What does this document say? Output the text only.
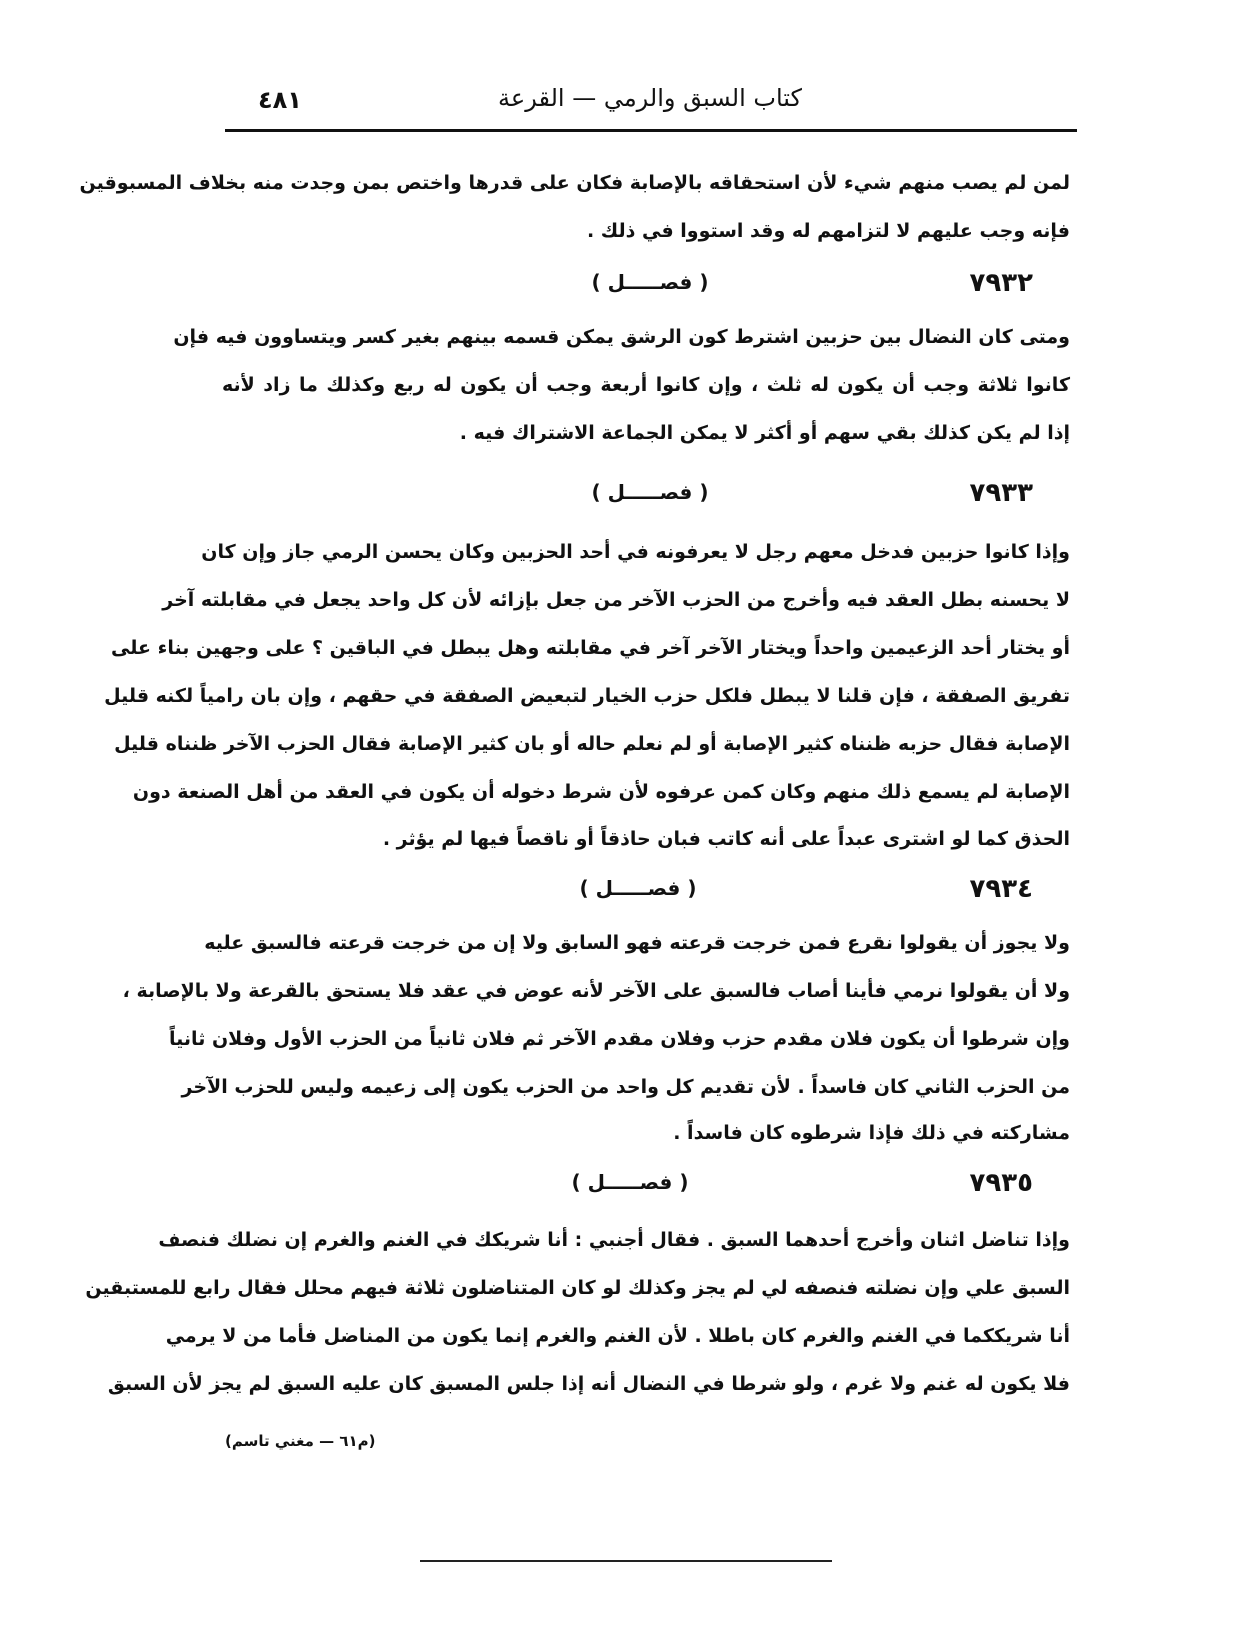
٤٨١	كتاب السبق والرمي — القرعة
لمن لم يصب منهم شيء لأن استحقاقه بالإصابة فكان على قدرها واختص بمن وجدت منه بخلاف المسبوقين
فإنه وجب عليهم لا لتزامهم له وقد استووا في ذلك .
٧٩٣٢
( فصـــــل )
ومتى كان النضال بين حزبين اشترط كون الرشق يمكن قسمه بينهم بغير كسر ويتساوون فيه فإن
كانوا ثلاثة وجب أن يكون له ثلث ، وإن كانوا أربعة وجب أن يكون له ربع وكذلك ما زاد لأنه
إذا لم يكن كذلك بقي سهم أو أكثر لا يمكن الجماعة الاشتراك فيه .
٧٩٣٣
( فصـــــل )
وإذا كانوا حزبين فدخل معهم رجل لا يعرفونه في أحد الحزبين وكان يحسن الرمي جاز وإن كان
لا يحسنه بطل العقد فيه وأخرج من الحزب الآخر من جعل بإزائه لأن كل واحد يجعل في مقابلته آخر
أو يختار أحد الزعيمين واحداً ويختار الآخر آخر في مقابلته وهل يبطل في الباقين ؟ على وجهين بناء على
تفريق الصفقة ، فإن قلنا لا يبطل فلكل حزب الخيار لتبعيض الصفقة في حقهم ، وإن بان رامياً لكنه قليل
الإصابة فقال حزبه ظنناه كثير الإصابة أو لم نعلم حاله أو بان كثير الإصابة فقال الحزب الآخر ظنناه قليل
الإصابة لم يسمع ذلك منهم وكان كمن عرفوه لأن شرط دخوله أن يكون في العقد من أهل الصنعة دون
الحذق كما لو اشترى عبداً على أنه كاتب فبان حاذقاً أو ناقصاً فيها لم يؤثر .
٧٩٣٤
( فصـــــل )
ولا يجوز أن يقولوا نقرع فمن خرجت قرعته فهو السابق ولا إن من خرجت قرعته فالسبق عليه
ولا أن يقولوا نرمي فأينا أصاب فالسبق على الآخر لأنه عوض في عقد فلا يستحق بالقرعة ولا بالإصابة ،
وإن شرطوا أن يكون فلان مقدم حزب وفلان مقدم الآخر ثم فلان ثانياً من الحزب الأول وفلان ثانياً
من الحزب الثاني كان فاسداً . لأن تقديم كل واحد من الحزب يكون إلى زعيمه وليس للحزب الآخر
مشاركته في ذلك فإذا شرطوه كان فاسداً .
٧٩٣٥
( فصـــــل )
وإذا تناضل اثنان وأخرج أحدهما السبق . فقال أجنبي : أنا شريكك في الغنم والغرم إن نضلك فنصف
السبق علي وإن نضلته فنصفه لي لم يجز وكذلك لو كان المتناضلون ثلاثة فيهم محلل فقال رابع للمستبقين
أنا شريككما في الغنم والغرم كان باطلا . لأن الغنم والغرم إنما يكون من المناضل فأما من لا يرمي
فلا يكون له غنم ولا غرم ، ولو شرطا في النضال أنه إذا جلس المسبق كان عليه السبق لم يجز لأن السبق
(م٦١ — مغني تاسم)
